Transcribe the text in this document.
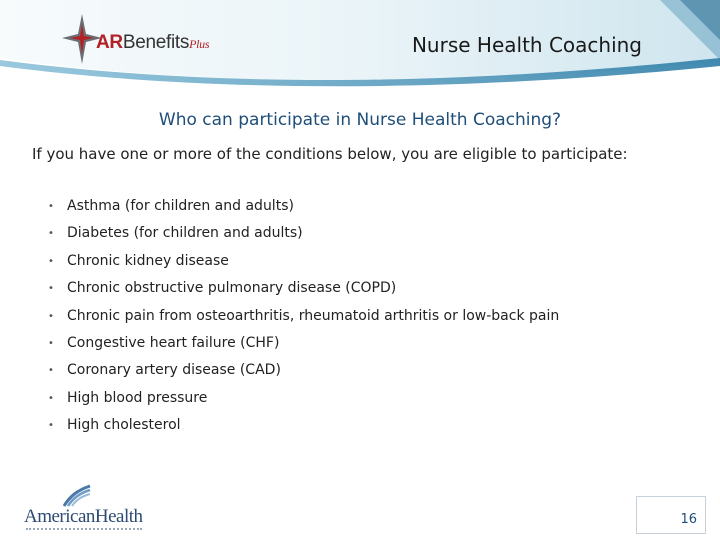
ARBenefitsPlus	Nurse Health Coaching
Who can participate in Nurse Health Coaching?
If you have one or more of the conditions below, you are eligible to participate:
• Asthma (for children and adults)
• Diabetes (for children and adults)
• Chronic kidney disease
• Chronic obstructive pulmonary disease (COPD)
• Chronic pain from osteoarthritis, rheumatoid arthritis or low-back pain
• Congestive heart failure (CHF)
• Coronary artery disease (CAD)
• High blood pressure
• High cholesterol
AmericanHealth	16
